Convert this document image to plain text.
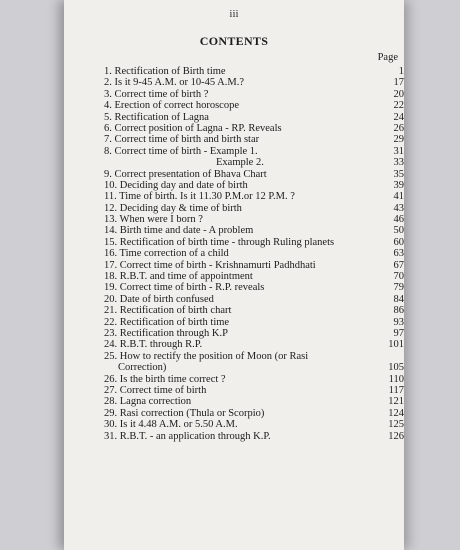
iii
CONTENTS
Page
1. Rectification of Birth time	1
2. Is it 9-45 A.M. or 10-45 A.M.?	17
3. Correct time of birth ?	20
4. Erection of correct horoscope	22
5. Rectification of Lagna	24
6. Correct position of Lagna - RP. Reveals	26
7. Correct time of birth and birth star	29
8. Correct time of birth - Example 1.	31
Example 2.	33
9. Correct presentation of Bhava Chart	35
10. Deciding day and date of birth	39
11. Time of birth. Is it 11.30 P.M.or 12 P.M. ?	41
12. Deciding day & time of birth	43
13. When were I born ?	46
14. Birth time and date - A problem	50
15. Rectification of birth time - through Ruling planets	60
16. Time correction of a child	63
17. Correct time of birth - Krishnamurti Padhdhati	67
18. R.B.T. and time of appointment	70
19. Correct time of birth - R.P. reveals	79
20. Date of birth confused	84
21. Rectification of birth chart	86
22. Rectification of birth time	93
23. Rectification through K.P	97
24. R.B.T. through R.P.	101
25. How to rectify the position of Moon (or Rasi
Correction)	105
26. Is the birth time correct ?	110
27. Correct time of birth	117
28. Lagna correction	121
29. Rasi correction (Thula or Scorpio)	124
30. Is it 4.48 A.M. or 5.50 A.M.	125
31. R.B.T. - an application through K.P.	126
